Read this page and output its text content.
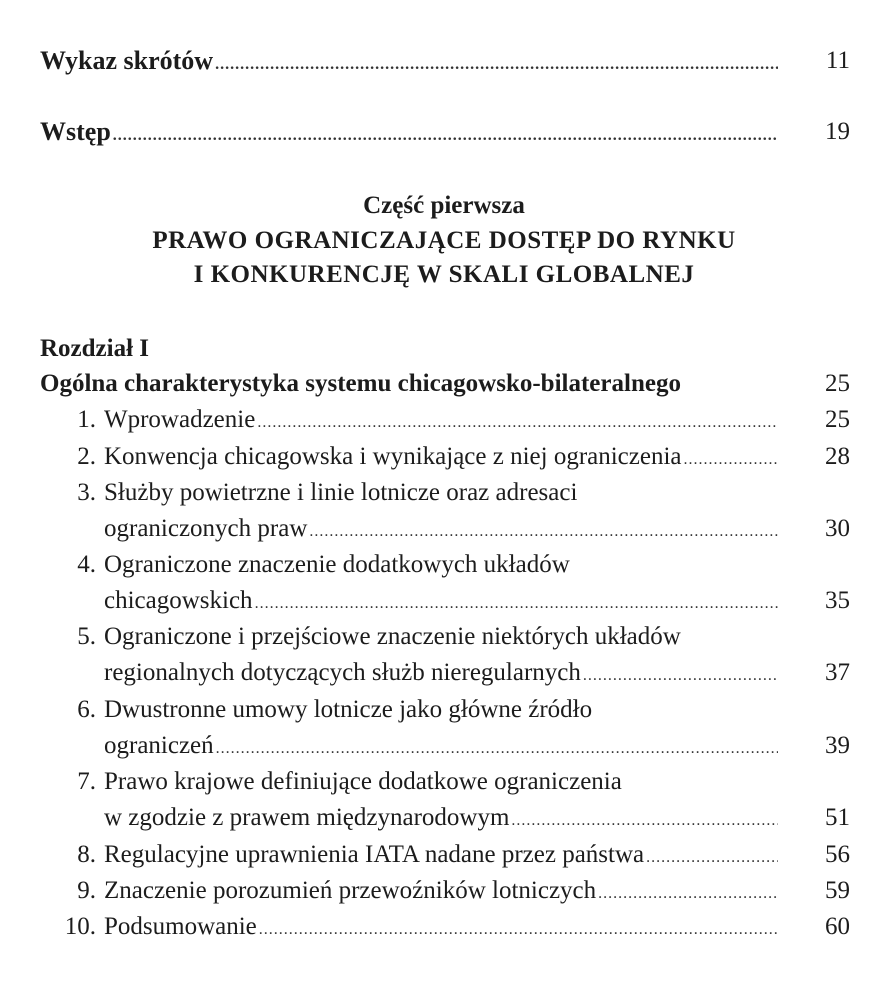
Wykaz skrótów .....	11
Wstęp .....	19
Część pierwsza
PRAWO OGRANICZAJĄCE DOSTĘP DO RYNKU
I KONKURENCJĘ W SKALI GLOBALNEJ
Rozdział I
Ogólna charakterystyka systemu chicagowsko-bilateralnego	25
1. Wprowadzenie .....	25
2. Konwencja chicagowska i wynikające z niej ograniczenia .....	28
3. Służby powietrzne i linie lotnicze oraz adresaci
ograniczonych praw .....	30
4. Ograniczone znaczenie dodatkowych układów
chicagowskich .....	35
5. Ograniczone i przejściowe znaczenie niektórych układów
regionalnych dotyczących służb nieregularnych .....	37
6. Dwustronne umowy lotnicze jako główne źródło
ograniczeń .....	39
7. Prawo krajowe definiujące dodatkowe ograniczenia
w zgodzie z prawem międzynarodowym .....	51
8. Regulacyjne uprawnienia IATA nadane przez państwa .....	56
9. Znaczenie porozumień przewoźników lotniczych .....	59
10. Podsumowanie .....	60
